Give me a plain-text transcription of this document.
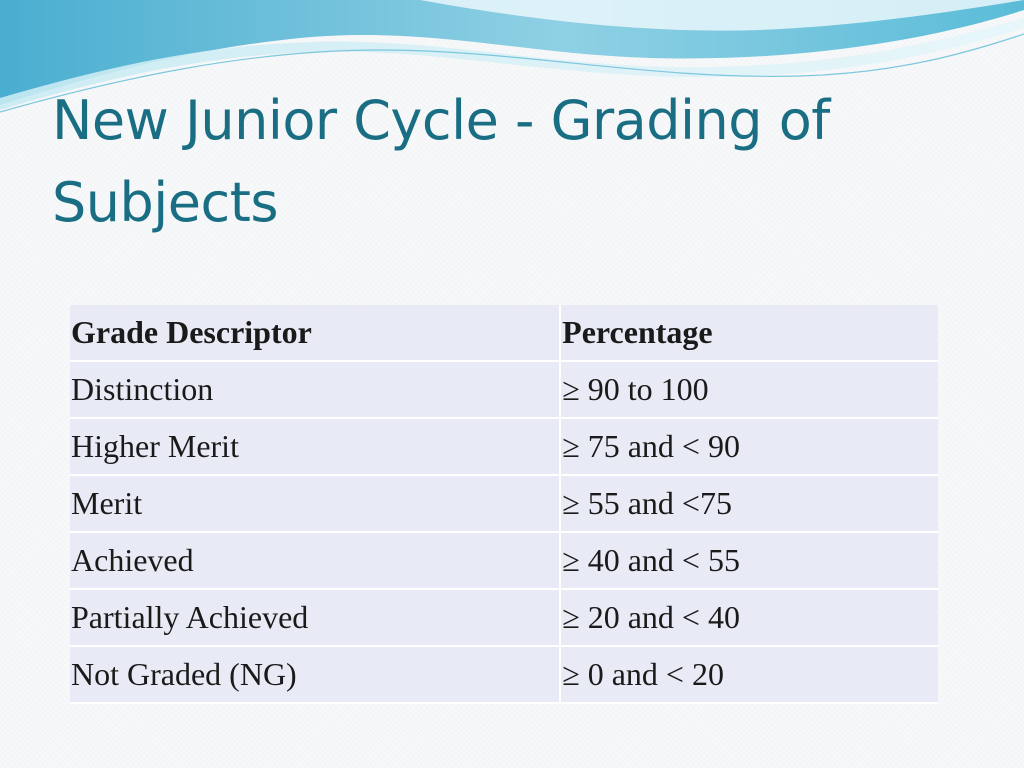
New Junior Cycle - Grading of Subjects
Grade Descriptor	Percentage
Distinction	≥ 90 to 100
Higher Merit	≥ 75 and < 90
Merit	≥ 55 and <75
Achieved	≥ 40 and < 55
Partially Achieved	≥ 20 and < 40
Not Graded (NG)	≥ 0 and < 20
